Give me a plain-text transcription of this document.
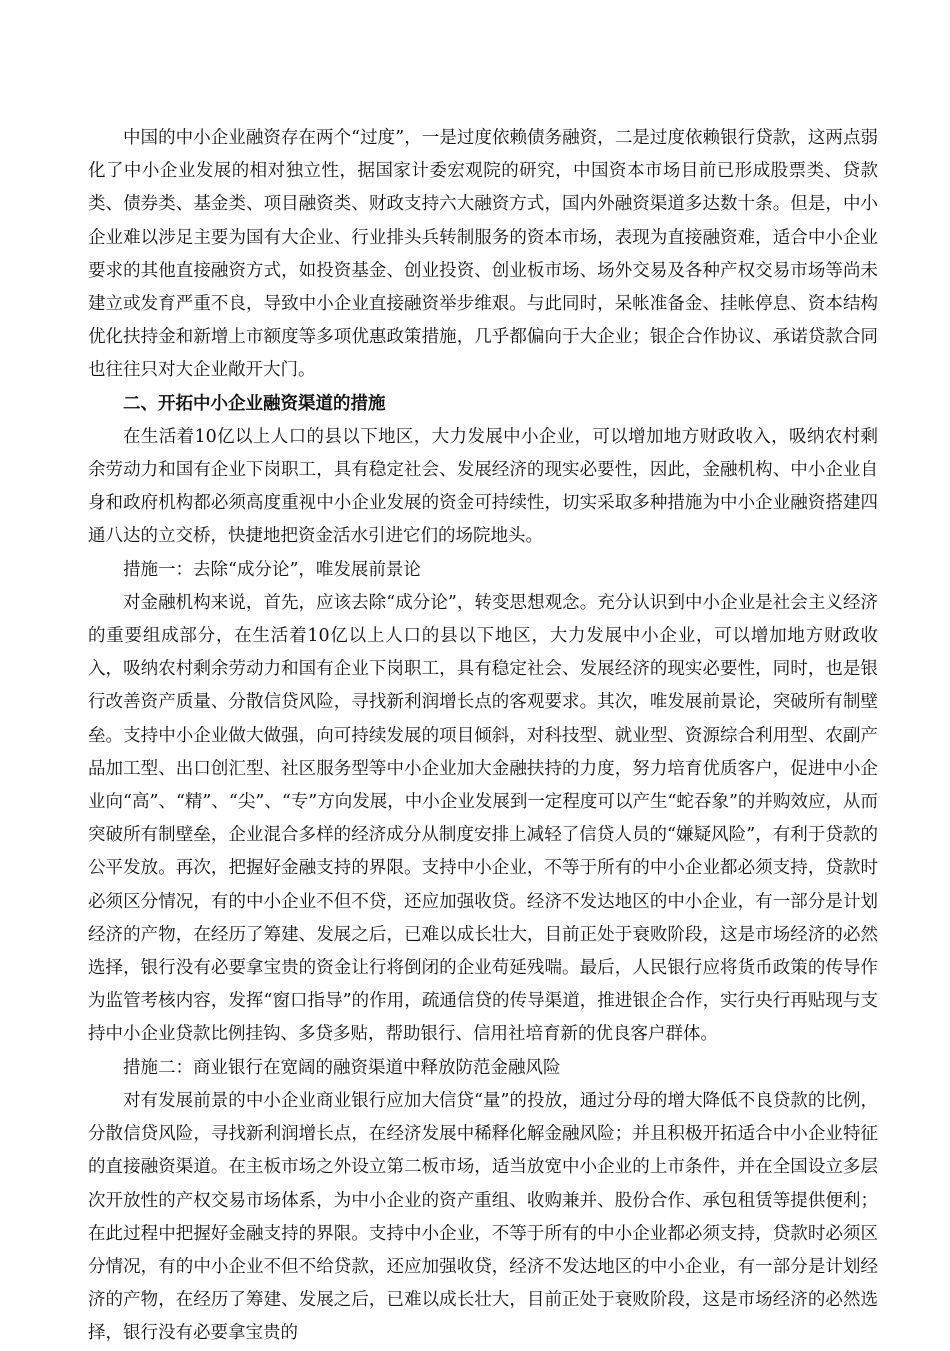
中国的中小企业融资存在两个“过度”，一是过度依赖债务融资，二是过度依赖银行贷款，这两点弱化了中小企业发展的相对独立性，据国家计委宏观院的研究，中国资本市场目前已形成股票类、贷款类、债券类、基金类、项目融资类、财政支持六大融资方式，国内外融资渠道多达数十条。但是，中小企业难以涉足主要为国有大企业、行业排头兵转制服务的资本市场，表现为直接融资难，适合中小企业要求的其他直接融资方式，如投资基金、创业投资、创业板市场、场外交易及各种产权交易市场等尚未建立或发育严重不良，导致中小企业直接融资举步维艰。与此同时，呆帐准备金、挂帐停息、资本结构优化扶持金和新增上市额度等多项优惠政策措施，几乎都偏向于大企业；银企合作协议、承诺贷款合同也往往只对大企业敞开大门。

二、开拓中小企业融资渠道的措施

在生活着10亿以上人口的县以下地区，大力发展中小企业，可以增加地方财政收入，吸纳农村剩余劳动力和国有企业下岗职工，具有稳定社会、发展经济的现实必要性，因此，金融机构、中小企业自身和政府机构都必须高度重视中小企业发展的资金可持续性，切实采取多种措施为中小企业融资搭建四通八达的立交桥，快捷地把资金活水引进它们的场院地头。

措施一：去除“成分论”，唯发展前景论

对金融机构来说，首先，应该去除“成分论”，转变思想观念。充分认识到中小企业是社会主义经济的重要组成部分，在生活着10亿以上人口的县以下地区，大力发展中小企业，可以增加地方财政收入，吸纳农村剩余劳动力和国有企业下岗职工，具有稳定社会、发展经济的现实必要性，同时，也是银行改善资产质量、分散信贷风险，寻找新利润增长点的客观要求。其次，唯发展前景论，突破所有制壁垒。支持中小企业做大做强，向可持续发展的项目倾斜，对科技型、就业型、资源综合利用型、农副产品加工型、出口创汇型、社区服务型等中小企业加大金融扶持的力度，努力培育优质客户，促进中小企业向“高”、“精”、“尖”、“专”方向发展，中小企业发展到一定程度可以产生“蛇吞象”的并购效应，从而突破所有制壁垒，企业混合多样的经济成分从制度安排上减轻了信贷人员的“嫌疑风险”，有利于贷款的公平发放。再次，把握好金融支持的界限。支持中小企业，不等于所有的中小企业都必须支持，贷款时必须区分情况，有的中小企业不但不贷，还应加强收贷。经济不发达地区的中小企业，有一部分是计划经济的产物，在经历了筹建、发展之后，已难以成长壮大，目前正处于衰败阶段，这是市场经济的必然选择，银行没有必要拿宝贵的资金让行将倒闭的企业苟延残喘。最后，人民银行应将货币政策的传导作为监管考核内容，发挥“窗口指导”的作用，疏通信贷的传导渠道，推进银企合作，实行央行再贴现与支持中小企业贷款比例挂钩、多贷多贴，帮助银行、信用社培育新的优良客户群体。

措施二：商业银行在宽阔的融资渠道中释放防范金融风险

对有发展前景的中小企业商业银行应加大信贷“量”的投放，通过分母的增大降低不良贷款的比例，分散信贷风险，寻找新利润增长点，在经济发展中稀释化解金融风险；并且积极开拓适合中小企业特征的直接融资渠道。在主板市场之外设立第二板市场，适当放宽中小企业的上市条件，并在全国设立多层次开放性的产权交易市场体系，为中小企业的资产重组、收购兼并、股份合作、承包租赁等提供便利；在此过程中把握好金融支持的界限。支持中小企业，不等于所有的中小企业都必须支持，贷款时必须区分情况，有的中小企业不但不给贷款，还应加强收贷，经济不发达地区的中小企业，有一部分是计划经济的产物，在经历了筹建、发展之后，已难以成长壮大，目前正处于衰败阶段，这是市场经济的必然选择，银行没有必要拿宝贵的
